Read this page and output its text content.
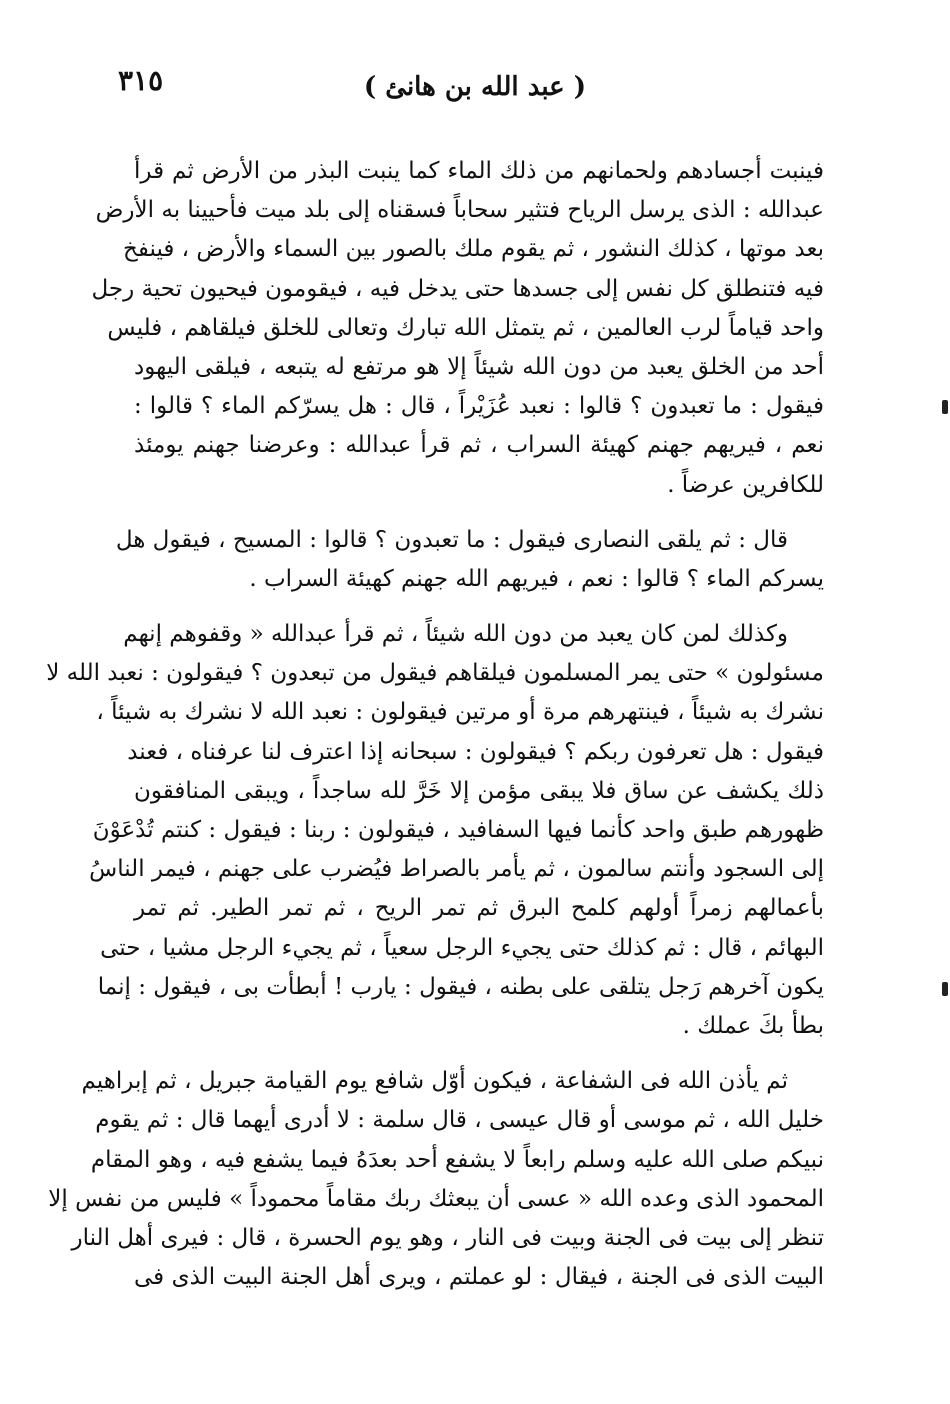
٣١٥	( عبد الله بن هانئ )
فينبت أجسادهم ولحمانهم من ذلك الماء كما ينبت البذر من الأرض ثم قرأ
عبدالله : الذى يرسل الرياح فتثير سحاباً فسقناه إلى بلد ميت فأحيينا به الأرض
بعد موتها ، كذلك النشور ، ثم يقوم ملك بالصور بين السماء والأرض ، فينفخ
فيه فتنطلق كل نفس إلى جسدها حتى يدخل فيه ، فيقومون فيحيون تحية رجل
واحد قياماً لرب العالمين ، ثم يتمثل الله تبارك وتعالى للخلق فيلقاهم ، فليس
أحد من الخلق يعبد من دون الله شيئاً إلا هو مرتفع له يتبعه ، فيلقى اليهود
فيقول : ما تعبدون ؟ قالوا : نعبد عُزَيْراً ، قال : هل يسرّكم الماء ؟ قالوا :
نعم ، فيريهم جهنم كهيئة السراب ، ثم قرأ عبدالله : وعرضنا جهنم يومئذ
للكافرين عرضاً .
قال : ثم يلقى النصارى فيقول : ما تعبدون ؟ قالوا : المسيح ، فيقول هل
يسركم الماء ؟ قالوا : نعم ، فيريهم الله جهنم كهيئة السراب .
وكذلك لمن كان يعبد من دون الله شيئاً ، ثم قرأ عبدالله « وقفوهم إنهم
مسئولون » حتى يمر المسلمون فيلقاهم فيقول من تبعدون ؟ فيقولون : نعبد الله لا
نشرك به شيئاً ، فينتهرهم مرة أو مرتين فيقولون : نعبد الله لا نشرك به شيئاً ،
فيقول : هل تعرفون ربكم ؟ فيقولون : سبحانه إذا اعترف لنا عرفناه ، فعند
ذلك يكشف عن ساق فلا يبقى مؤمن إلا خَرَّ لله ساجداً ، ويبقى المنافقون
ظهورهم طبق واحد كأنما فيها السفافيد ، فيقولون : ربنا : فيقول : كنتم تُدْعَوْنَ
إلى السجود وأنتم سالمون ، ثم يأمر بالصراط فيُضرب على جهنم ، فيمر الناسُ
بأعمالهم زمراً أولهم كلمح البرق ثم تمر الريح ، ثم تمر الطير. ثم تمر
البهائم ، قال : ثم كذلك حتى يجيء الرجل سعياً ، ثم يجيء الرجل مشيا ، حتى
يكون آخرهم رَجل يتلقى على بطنه ، فيقول : يارب ! أبطأت بى ، فيقول : إنما
بطأ بكَ عملك .
ثم يأذن الله فى الشفاعة ، فيكون أوّل شافع يوم القيامة جبريل ، ثم إبراهيم
خليل الله ، ثم موسى أو قال عيسى ، قال سلمة : لا أدرى أيهما قال : ثم يقوم
نبيكم صلى الله عليه وسلم رابعاً لا يشفع أحد بعدَهُ فيما يشفع فيه ، وهو المقام
المحمود الذى وعده الله « عسى أن يبعثك ربك مقاماً محموداً » فليس من نفس إلا
تنظر إلى بيت فى الجنة وبيت فى النار ، وهو يوم الحسرة ، قال : فيرى أهل النار
البيت الذى فى الجنة ، فيقال : لو عملتم ، ويرى أهل الجنة البيت الذى فى
